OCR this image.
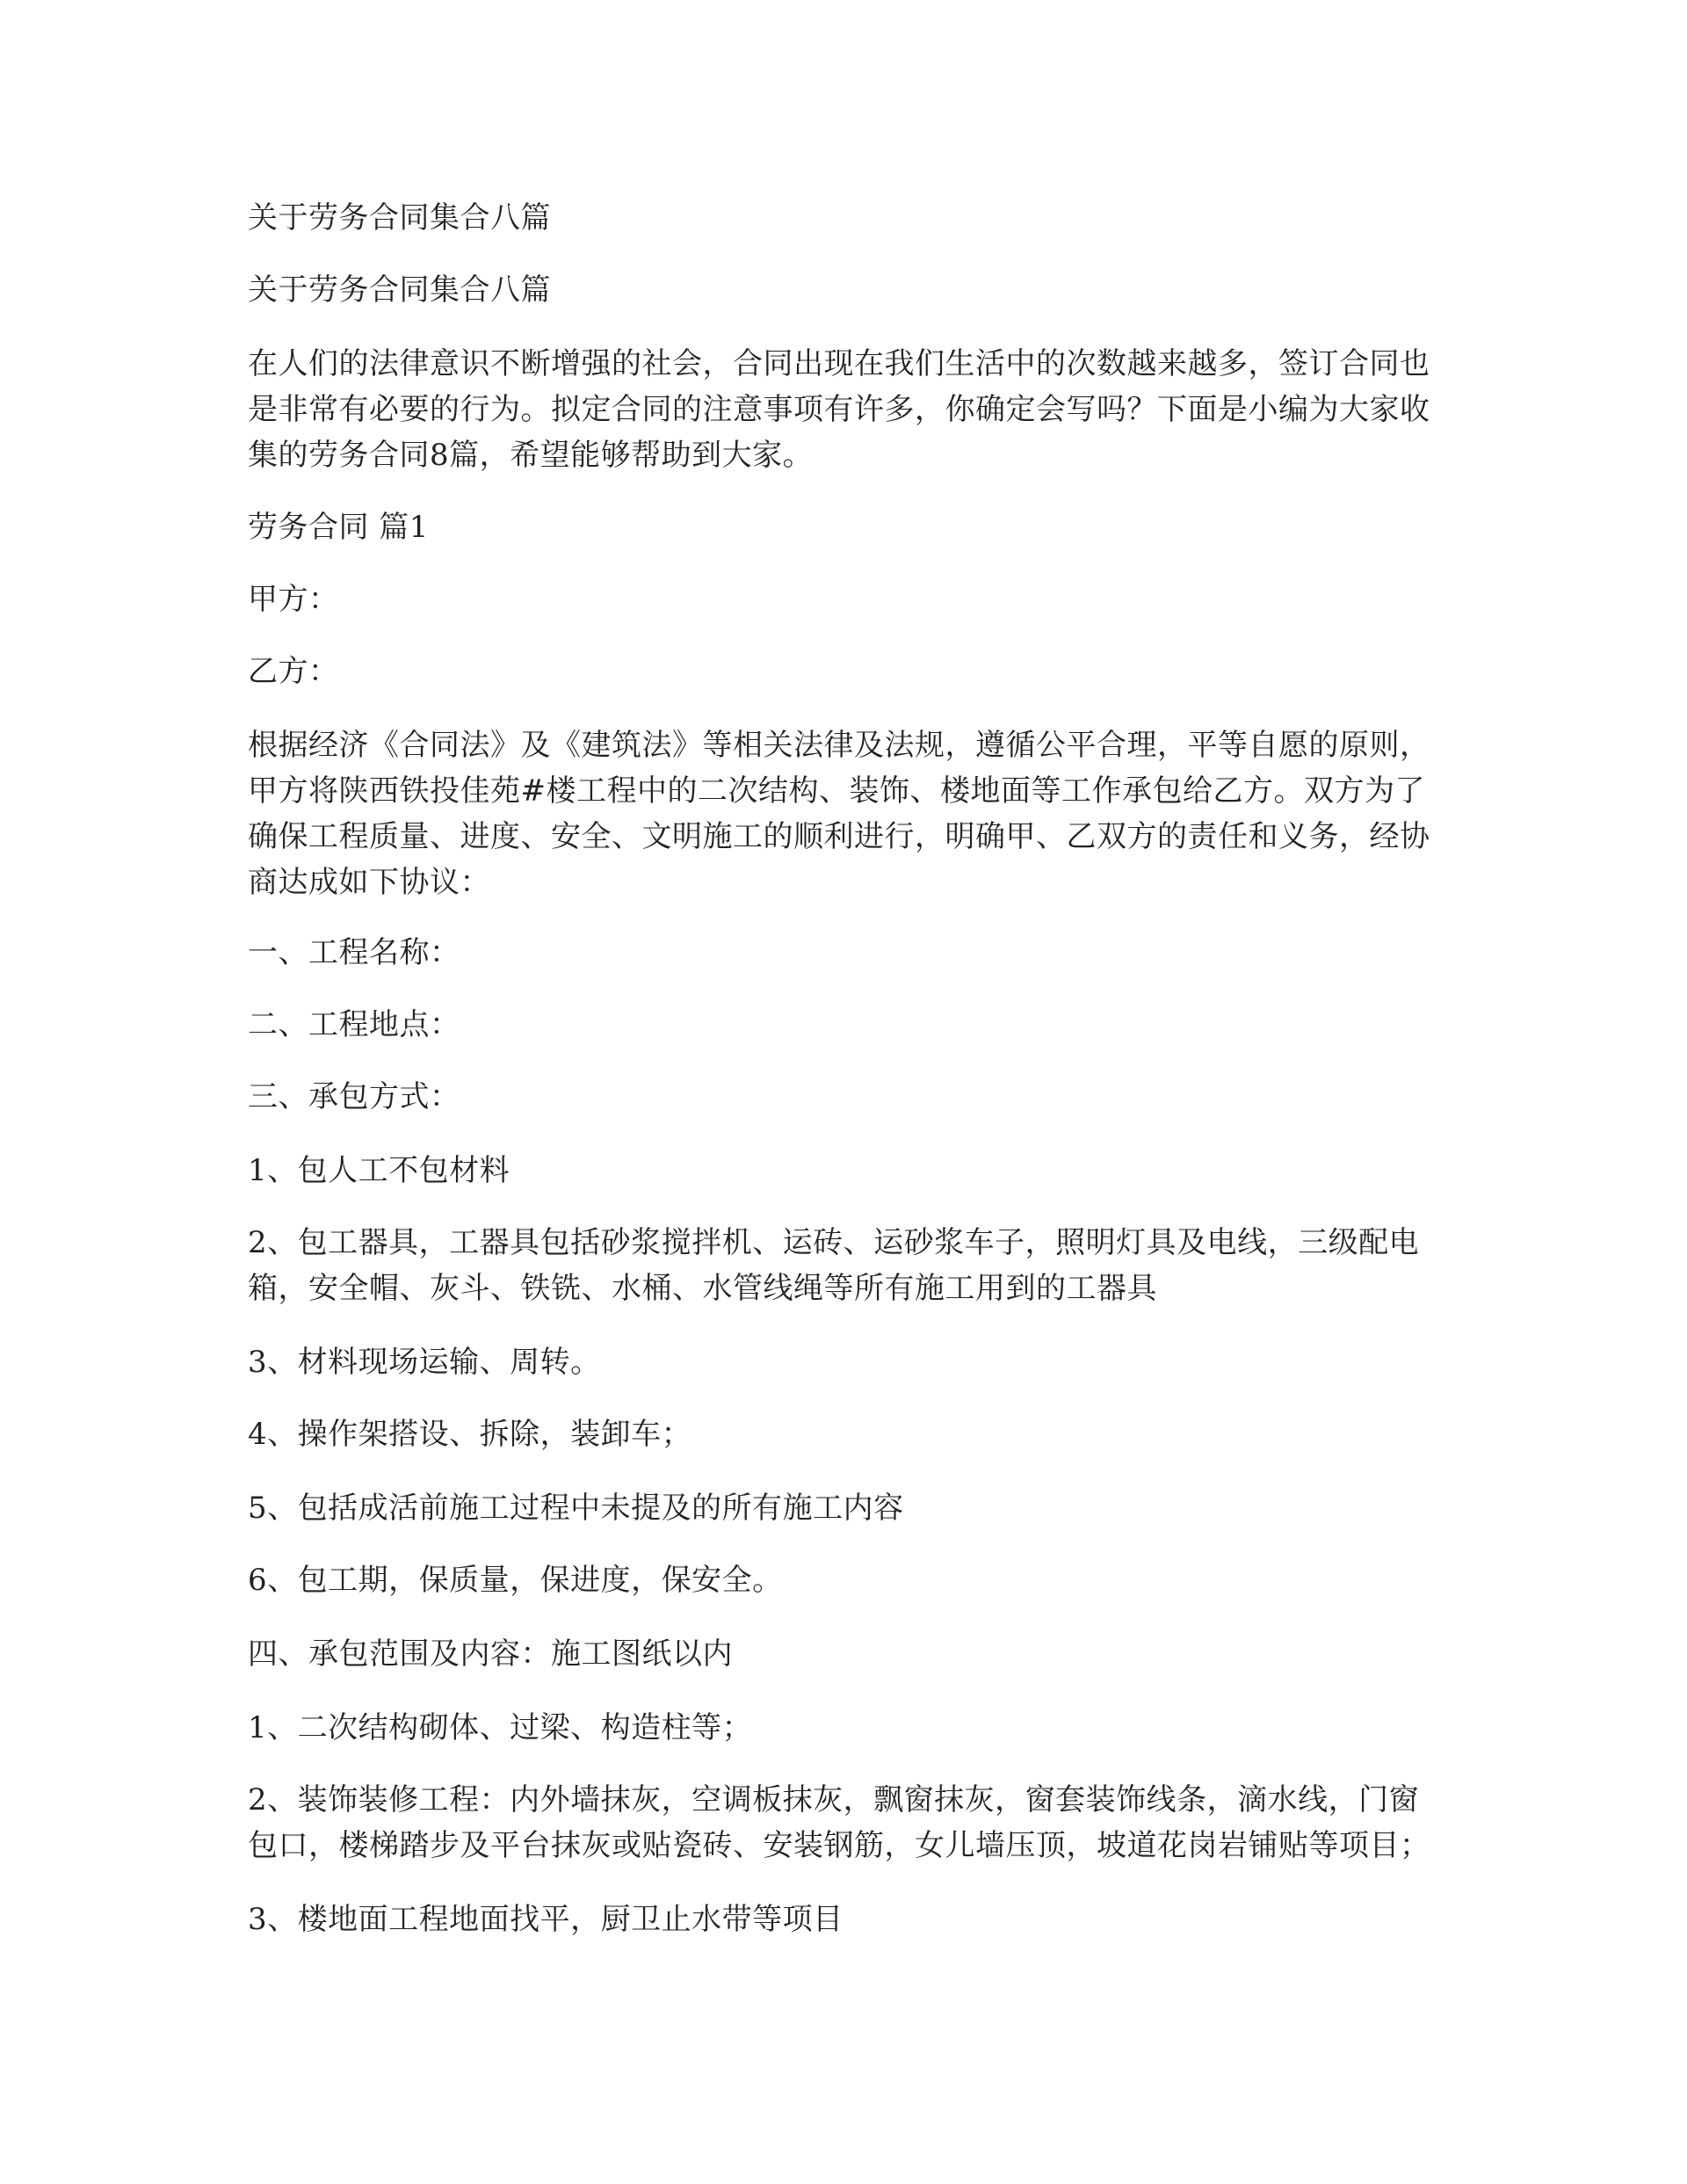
关于劳务合同集合八篇

关于劳务合同集合八篇

在人们的法律意识不断增强的社会，合同出现在我们生活中的次数越来越多，签订合同也是非常有必要的行为。拟定合同的注意事项有许多，你确定会写吗？下面是小编为大家收集的劳务合同8篇，希望能够帮助到大家。

劳务合同 篇1

甲方：

乙方：

根据经济《合同法》及《建筑法》等相关法律及法规，遵循公平合理，平等自愿的原则，甲方将陕西铁投佳苑#楼工程中的二次结构、装饰、楼地面等工作承包给乙方。双方为了确保工程质量、进度、安全、文明施工的顺利进行，明确甲、乙双方的责任和义务，经协商达成如下协议：

一、工程名称：

二、工程地点：

三、承包方式：

1、包人工不包材料

2、包工器具，工器具包括砂浆搅拌机、运砖、运砂浆车子，照明灯具及电线，三级配电箱，安全帽、灰斗、铁铣、水桶、水管线绳等所有施工用到的工器具

3、材料现场运输、周转。

4、操作架搭设、拆除，装卸车；

5、包括成活前施工过程中未提及的所有施工内容

6、包工期，保质量，保进度，保安全。

四、承包范围及内容：施工图纸以内

1、二次结构砌体、过梁、构造柱等；

2、装饰装修工程：内外墙抹灰，空调板抹灰，飘窗抹灰，窗套装饰线条，滴水线，门窗包口，楼梯踏步及平台抹灰或贴瓷砖、安装钢筋，女儿墙压顶，坡道花岗岩铺贴等项目；

3、楼地面工程地面找平，厨卫止水带等项目
